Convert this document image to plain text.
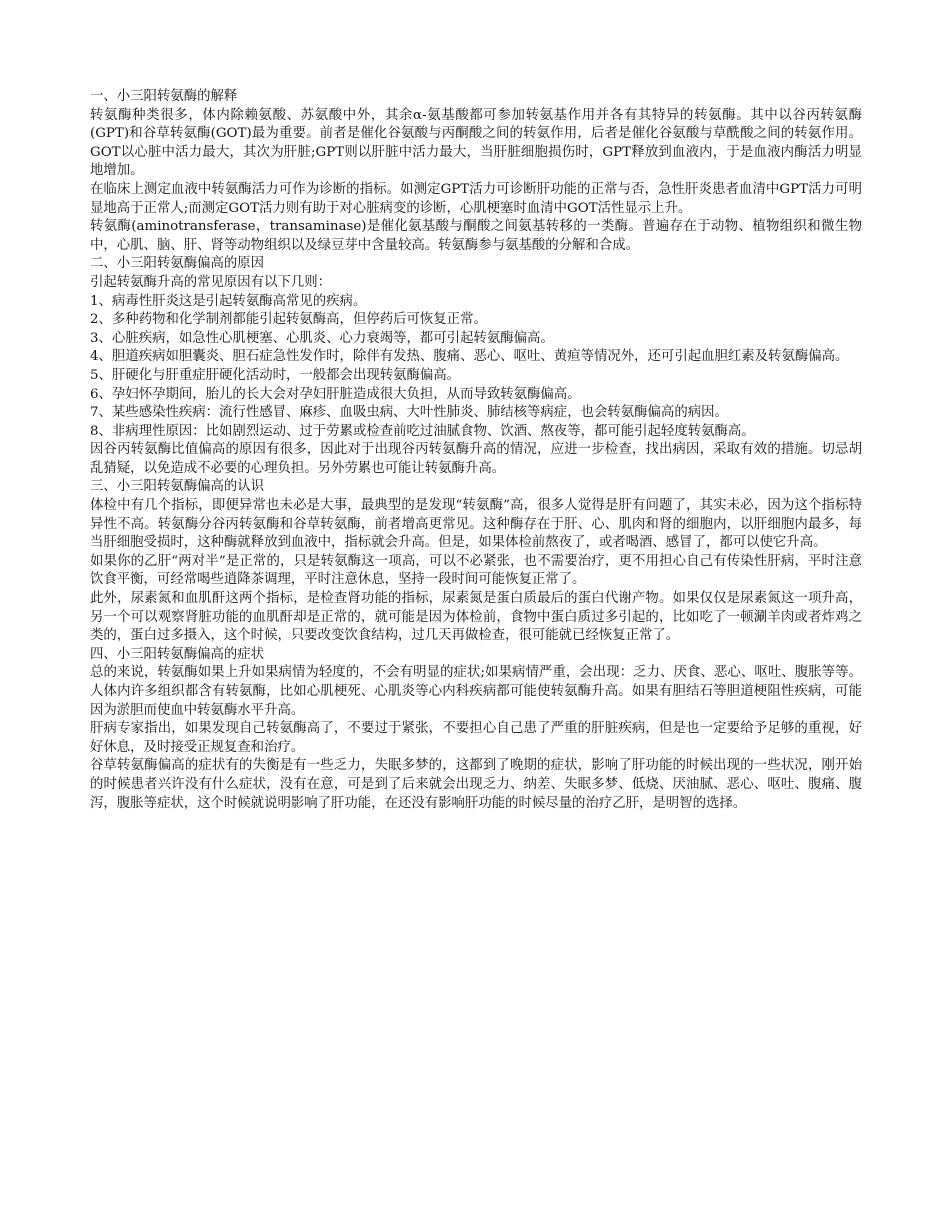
一、小三阳转氨酶的解释

转氨酶种类很多，体内除赖氨酸、苏氨酸中外，其余α-氨基酸都可参加转氨基作用并各有其特异的转氨酶。其中以谷丙转氨酶(GPT)和谷草转氨酶(GOT)最为重要。前者是催化谷氨酸与丙酮酸之间的转氨作用，后者是催化谷氨酸与草酰酸之间的转氨作用。GOT以心脏中活力最大，其次为肝脏;GPT则以肝脏中活力最大，当肝脏细胞损伤时，GPT释放到血液内，于是血液内酶活力明显地增加。

在临床上测定血液中转氨酶活力可作为诊断的指标。如测定GPT活力可诊断肝功能的正常与否，急性肝炎患者血清中GPT活力可明显地高于正常人;而测定GOT活力则有助于对心脏病变的诊断，心肌梗塞时血清中GOT活性显示上升。

转氨酶(aminotransferase，transaminase)是催化氨基酸与酮酸之间氨基转移的一类酶。普遍存在于动物、植物组织和微生物中，心肌、脑、肝、肾等动物组织以及绿豆芽中含量较高。转氨酶参与氨基酸的分解和合成。

二、小三阳转氨酶偏高的原因

引起转氨酶升高的常见原因有以下几则：

1、病毒性肝炎这是引起转氨酶高常见的疾病。

2、多种药物和化学制剂都能引起转氨酶高，但停药后可恢复正常。

3、心脏疾病，如急性心肌梗塞、心肌炎、心力衰竭等，都可引起转氨酶偏高。

4、胆道疾病如胆囊炎、胆石症急性发作时，除伴有发热、腹痛、恶心、呕吐、黄疸等情况外，还可引起血胆红素及转氨酶偏高。

5、肝硬化与肝重症肝硬化活动时，一般都会出现转氨酶偏高。

6、孕妇怀孕期间，胎儿的长大会对孕妇肝脏造成很大负担，从而导致转氨酶偏高。

7、某些感染性疾病：流行性感冒、麻疹、血吸虫病、大叶性肺炎、肺结核等病症，也会转氨酶偏高的病因。

8、非病理性原因：比如剧烈运动、过于劳累或检查前吃过油腻食物、饮酒、熬夜等，都可能引起轻度转氨酶高。

因谷丙转氨酶比值偏高的原因有很多，因此对于出现谷丙转氨酶升高的情况，应进一步检查，找出病因，采取有效的措施。切忌胡乱猜疑，以免造成不必要的心理负担。另外劳累也可能让转氨酶升高。

三、小三阳转氨酶偏高的认识

体检中有几个指标，即便异常也未必是大事，最典型的是发现“转氨酶”高，很多人觉得是肝有问题了，其实未必，因为这个指标特异性不高。转氨酶分谷丙转氨酶和谷草转氨酶，前者增高更常见。这种酶存在于肝、心、肌肉和肾的细胞内，以肝细胞内最多，每当肝细胞受损时，这种酶就释放到血液中，指标就会升高。但是，如果体检前熬夜了，或者喝酒、感冒了，都可以使它升高。

如果你的乙肝“两对半”是正常的，只是转氨酶这一项高，可以不必紧张，也不需要治疗，更不用担心自己有传染性肝病，平时注意饮食平衡，可经常喝些逍降茶调理，平时注意休息，坚持一段时间可能恢复正常了。

此外，尿素氮和血肌酐这两个指标，是检查肾功能的指标，尿素氮是蛋白质最后的蛋白代谢产物。如果仅仅是尿素氮这一项升高，另一个可以观察肾脏功能的血肌酐却是正常的，就可能是因为体检前，食物中蛋白质过多引起的，比如吃了一顿涮羊肉或者炸鸡之类的，蛋白过多摄入，这个时候，只要改变饮食结构，过几天再做检查，很可能就已经恢复正常了。

四、小三阳转氨酶偏高的症状

总的来说，转氨酶如果上升如果病情为轻度的，不会有明显的症状;如果病情严重，会出现：乏力、厌食、恶心、呕吐、腹胀等等。人体内许多组织都含有转氨酶，比如心肌梗死、心肌炎等心内科疾病都可能使转氨酶升高。如果有胆结石等胆道梗阻性疾病，可能因为淤胆而使血中转氨酶水平升高。

肝病专家指出，如果发现自己转氨酶高了，不要过于紧张，不要担心自己患了严重的肝脏疾病，但是也一定要给予足够的重视，好好休息，及时接受正规复查和治疗。

谷草转氨酶偏高的症状有的失衡是有一些乏力，失眠多梦的，这都到了晚期的症状，影响了肝功能的时候出现的一些状况，刚开始的时候患者兴许没有什么症状，没有在意，可是到了后来就会出现乏力、纳差、失眠多梦、低烧、厌油腻、恶心、呕吐、腹痛、腹泻，腹胀等症状，这个时候就说明影响了肝功能，在还没有影响肝功能的时候尽量的治疗乙肝，是明智的选择。
